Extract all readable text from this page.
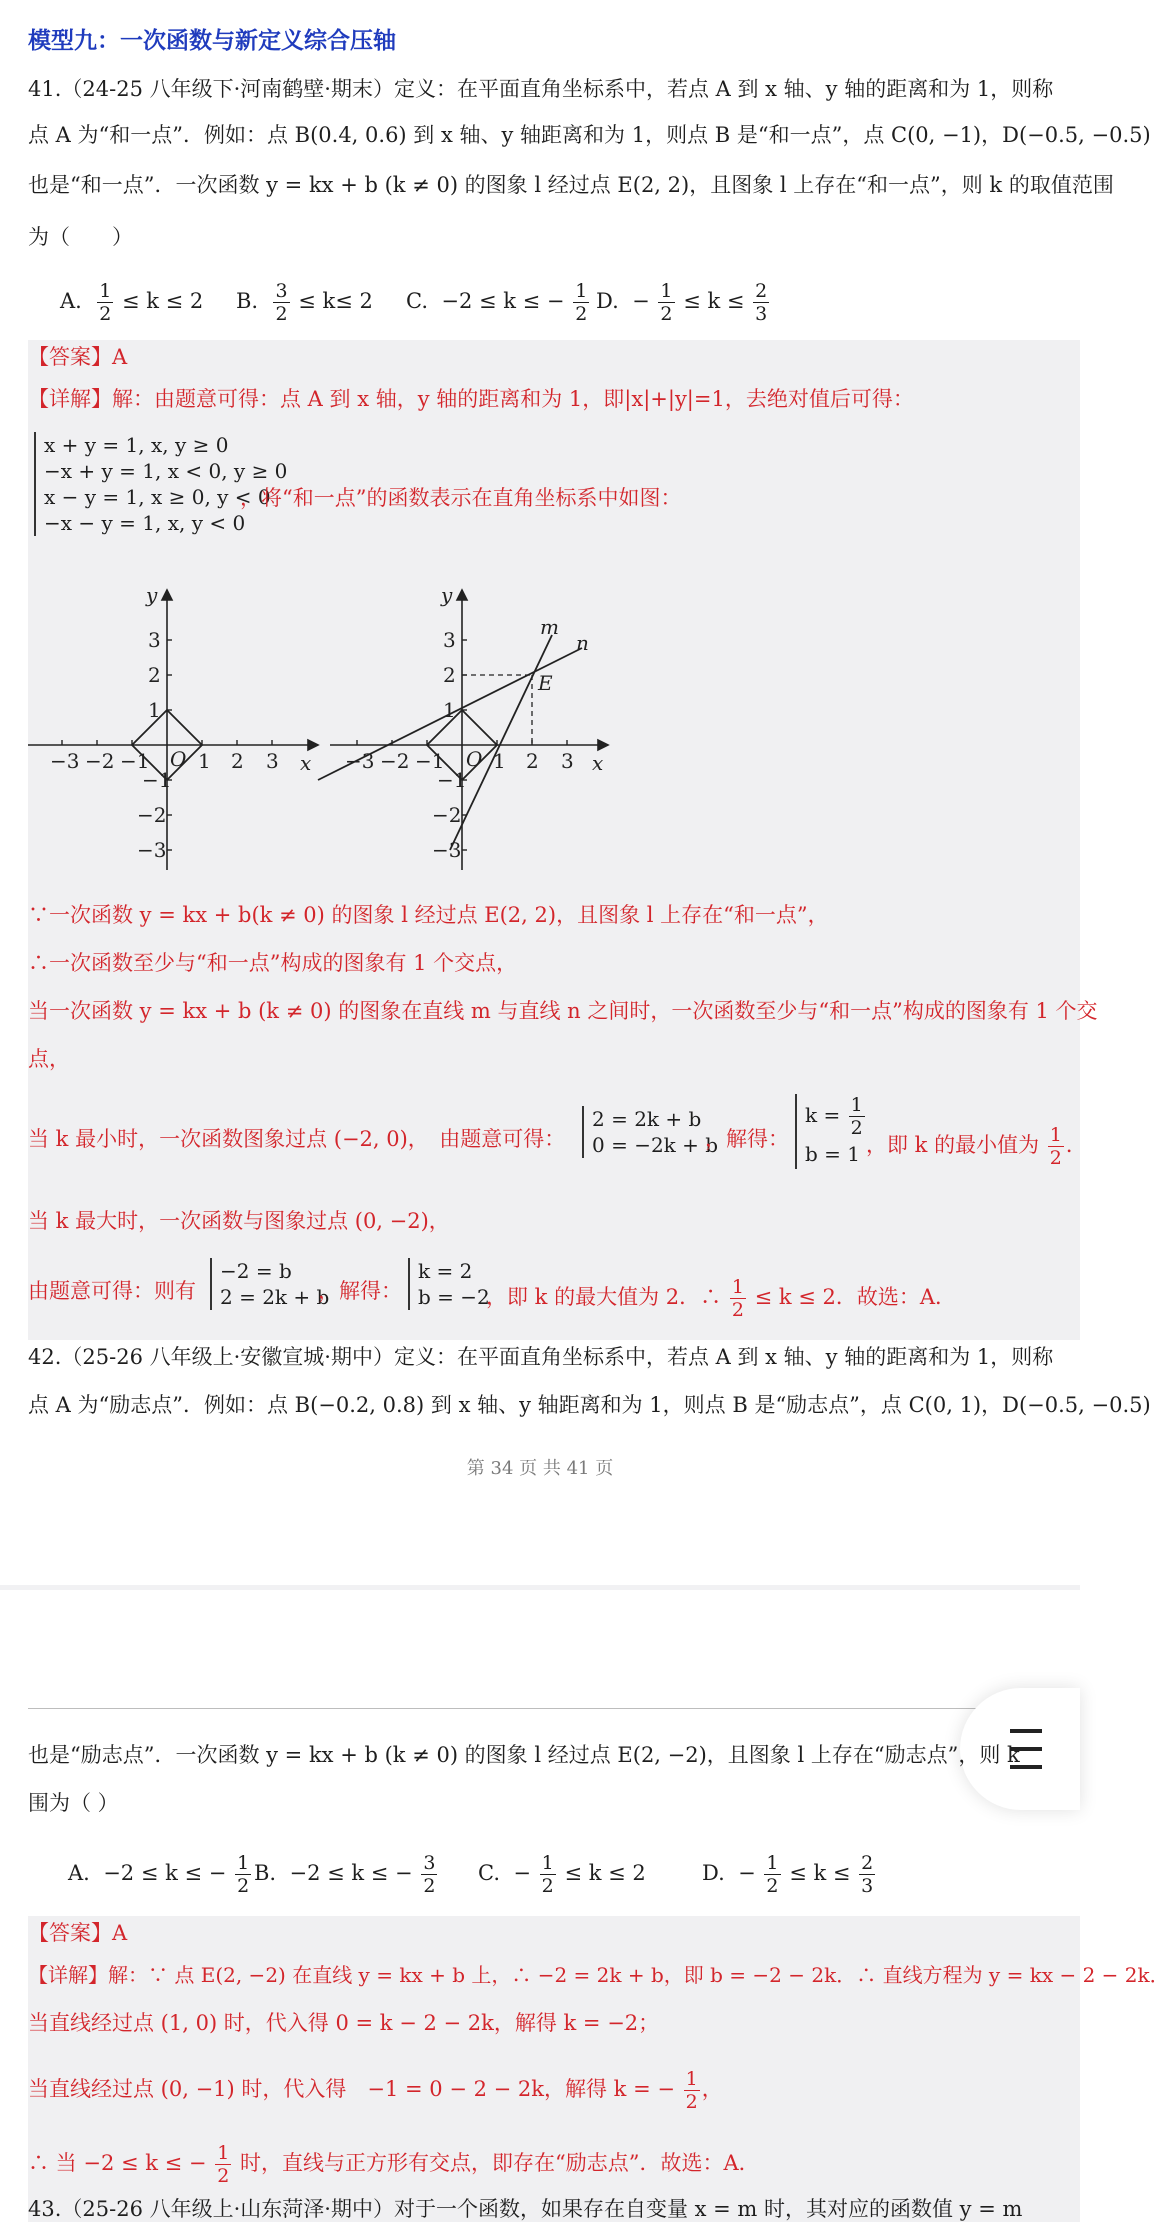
模型九：一次函数与新定义综合压轴
41.（24-25 八年级下·河南鹤壁·期末）定义：在平面直角坐标系中，若点 A 到 x 轴、y 轴的距离和为 1，则称
点 A 为“和一点”．例如：点 B(0.4, 0.6) 到 x 轴、y 轴距离和为 1，则点 B 是“和一点”，点 C(0, −1)，D(−0.5, −0.5)
也是“和一点”．一次函数 y = kx + b (k ≠ 0) 的图象 l 经过点 E(2, 2)，且图象 l 上存在“和一点”，则 k 的取值范围
为（　　）
A. $\frac{1}{2} \le k \le 2$ B. $\frac{3}{2} \le k\le 2$ C. −2 ≤ k ≤ − $\frac{1}{2} D$. − $\frac{1}{2} \le k \le \frac{2}{3}$
【答案】A
【详解】解：由题意可得：点 A 到 x 轴，y 轴的距离和为 1，即|x|+|y|=1，去绝对值后可得：
x + y = 1, x, y ≥ 0
−x + y = 1, x < 0, y ≥ 0
x − y = 1, x ≥ 0, y < 0
−x − y = 1, x, y < 0
，将“和一点”的函数表示在直角坐标系中如图：
−3 −2 −1 1 2 3
3
2
1
−1
−2
−3
O	x
y
−3 −2 −1 1 2 3
3
2
1
−1
−2
−3
O	x
y
E
m
n
∵一次函数 y = kx + b(k ≠ 0) 的图象 l 经过点 E(2, 2)，且图象 l 上存在“和一点”，
∴一次函数至少与“和一点”构成的图象有 1 个交点，
当一次函数 y = kx + b (k ≠ 0) 的图象在直线 m 与直线 n 之间时，一次函数至少与“和一点”构成的图象有 1 个交
点，
当 k 最小时，一次函数图象过点 (−2, 0)，　由题意可得：
2 = 2k + b
0 = −2k + b
，解得：
$k = \frac{1}{2}$
b = 1 ，即 k 的最小值为 $\frac{1}{2}$ ．
当 k 最大时，一次函数与图象过点 (0, −2)，
由题意可得：则有
−2 = b
2 = 2k + b
，解得：
k = 2
b = −2
，即 k 的最大值为 2．∴ $\frac{1}{2} \le k \le 2$．故选：A．
42.（25-26 八年级上·安徽宣城·期中）定义：在平面直角坐标系中，若点 A 到 x 轴、y 轴的距离和为 1，则称
点 A 为“励志点”．例如：点 B(−0.2, 0.8) 到 x 轴、y 轴距离和为 1，则点 B 是“励志点”，点 C(0, 1)，D(−0.5, −0.5)
第 34 页 共 41 页
也是“励志点”．一次函数 y = kx + b (k ≠ 0) 的图象 l 经过点 E(2, −2)，且图象 l 上存在“励志点”，则 k
围为（ ）
A. −2 ≤ k ≤ − $\frac{1}{2} B$. −2 ≤ k ≤ − $\frac{3}{2} C$. − $\frac{1}{2} \le k \le 2$	D. − $\frac{1}{2} \le k \le \frac{2}{3}$
【答案】A
【详解】解：∵ 点 E(2, −2) 在直线 y = kx + b 上，∴ −2 = 2k + b，即 b = −2 − 2k．∴ 直线方程为 y = kx − 2 − 2k．
当直线经过点 (1, 0) 时，代入得 0 = k − 2 − 2k，解得 k = −2；
当直线经过点 (0, −1) 时，代入得　−1 = 0 − 2 − 2k，解得 k = − $\frac{1}{2}$ ，
∴ 当 −2 ≤ k ≤ − $\frac{1}{2}$ 时，直线与正方形有交点，即存在“励志点”．故选：A．
43.（25-26 八年级上·山东菏泽·期中）对于一个函数，如果存在自变量 x = m 时，其对应的函数值 y = m
